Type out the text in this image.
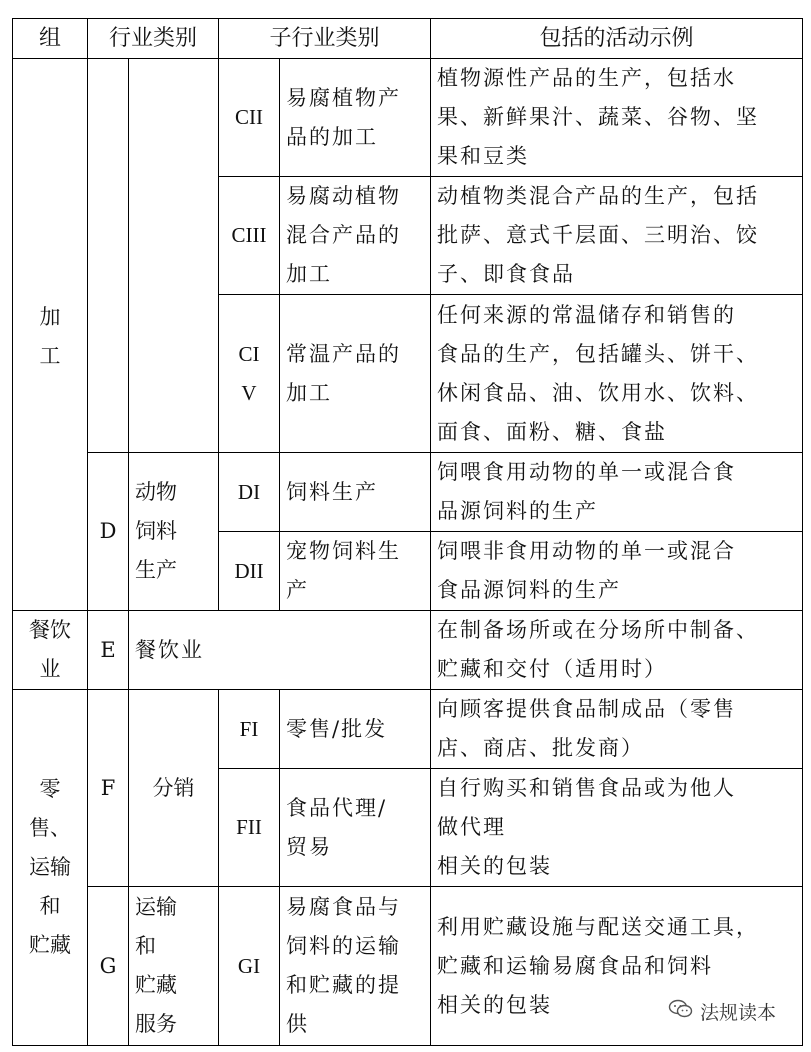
组	行业类别		子行业类别		包括的活动示例

加
工			CII	易腐植物产
品的加工	植物源性产品的生产，包括水
果、新鲜果汁、蔬菜、谷物、坚
果和豆类

			CIII	易腐动植物
混合产品的
加工	动植物类混合产品的生产，包括
批萨、意式千层面、三明治、饺
子、即食食品

			CI
V	常温产品的
加工	任何来源的常温储存和销售的
食品的生产，包括罐头、饼干、
休闲食品、油、饮用水、饮料、
面食、面粉、糖、食盐

	D	动物
饲料
生产	DI	饲料生产	饲喂食用动物的单一或混合食
品源饲料的生产

			DII	宠物饲料生
产	饲喂非食用动物的单一或混合
食品源饲料的生产

餐饮
业	E	餐饮业			在制备场所或在分场所中制备、
贮藏和交付（适用时）

零
售、
运输
和
贮藏	F	分销	FI	零售/批发	向顾客提供食品制成品（零售
店、商店、批发商）

			FII	食品代理/
贸易	自行购买和销售食品或为他人
做代理
相关的包装

	G	运输
和
贮藏
服务	GI	易腐食品与
饲料的运输
和贮藏的提
供	利用贮藏设施与配送交通工具，
贮藏和运输易腐食品和饲料
相关的包装	法规读本
